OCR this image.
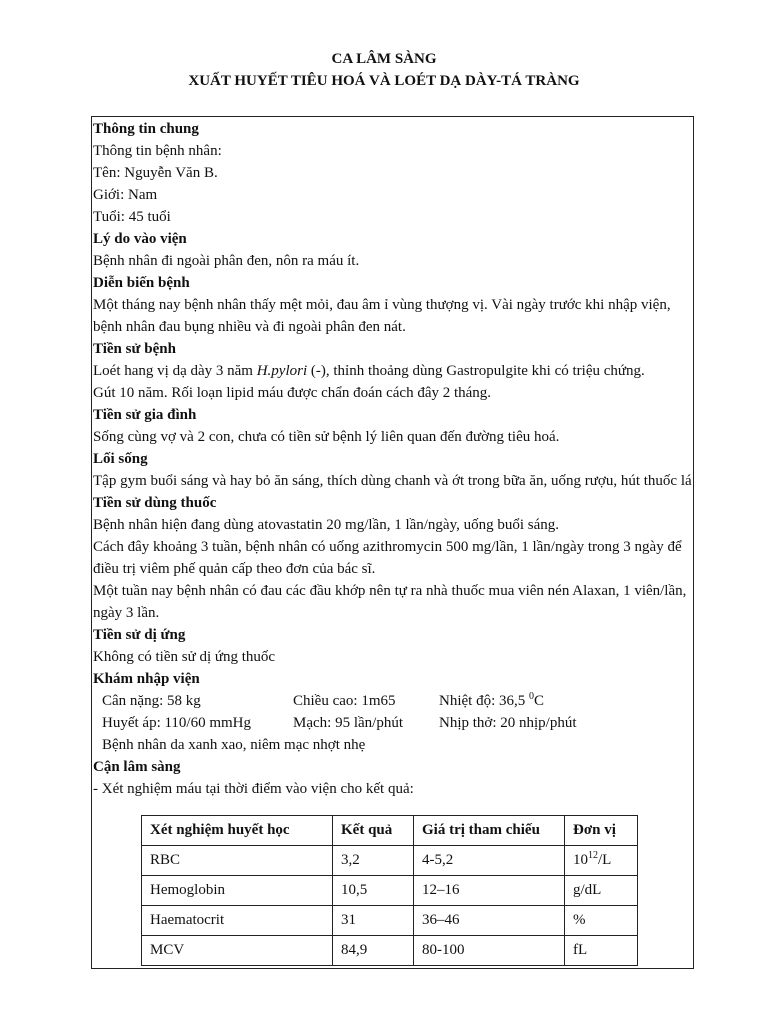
CA LÂM SÀNG
XUẤT HUYẾT TIÊU HOÁ VÀ LOÉT DẠ DÀY-TÁ TRÀNG

Thông tin chung

Thông tin bệnh nhân:

Tên: Nguyễn Văn B.

Giới: Nam

Tuổi: 45 tuổi

Lý do vào viện

Bệnh nhân đi ngoài phân đen, nôn ra máu ít.

Diễn biến bệnh

Một tháng nay bệnh nhân thấy mệt mỏi, đau âm ỉ vùng thượng vị. Vài ngày trước khi nhập viện, bệnh nhân đau bụng nhiều và đi ngoài phân đen nát.

Tiền sử bệnh

Loét hang vị dạ dày 3 năm H.pylori (-), thỉnh thoảng dùng Gastropulgite khi có triệu chứng.

Gút 10 năm. Rối loạn lipid máu được chẩn đoán cách đây 2 tháng.

Tiền sử gia đình

Sống cùng vợ và 2 con, chưa có tiền sử bệnh lý liên quan đến đường tiêu hoá.

Lối sống

Tập gym buổi sáng và hay bỏ ăn sáng, thích dùng chanh và ớt trong bữa ăn, uống rượu, hút thuốc lá

Tiền sử dùng thuốc

Bệnh nhân hiện đang dùng atovastatin 20 mg/lần, 1 lần/ngày, uống buổi sáng.

Cách đây khoảng 3 tuần, bệnh nhân có uống azithromycin 500 mg/lần, 1 lần/ngày trong 3 ngày để điều trị viêm phế quản cấp theo đơn của bác sĩ.

Một tuần nay bệnh nhân có đau các đầu khớp nên tự ra nhà thuốc mua viên nén Alaxan, 1 viên/lần, ngày 3 lần.

Tiền sử dị ứng

Không có tiền sử dị ứng thuốc

Khám nhập viện

Cân nặng: 58 kg	Chiều cao: 1m65	Nhiệt độ: 36,5 $^0$C
Huyết áp: 110/60 mmHg	Mạch: 95 lần/phút Nhịp thở: 20 nhịp/phút

Bệnh nhân da xanh xao, niêm mạc nhợt nhẹ

Cận lâm sàng

- Xét nghiệm máu tại thời điểm vào viện cho kết quả:

Xét nghiệm huyết học	Kết quả	Giá trị tham chiếu	Đơn vị
RBC	3,2	4-5,2	$10^{12}/L$
Hemoglobin	10,5	12–16	g/dL
Haematocrit	31	36–46	%
MCV	84,9	80-100	fL
